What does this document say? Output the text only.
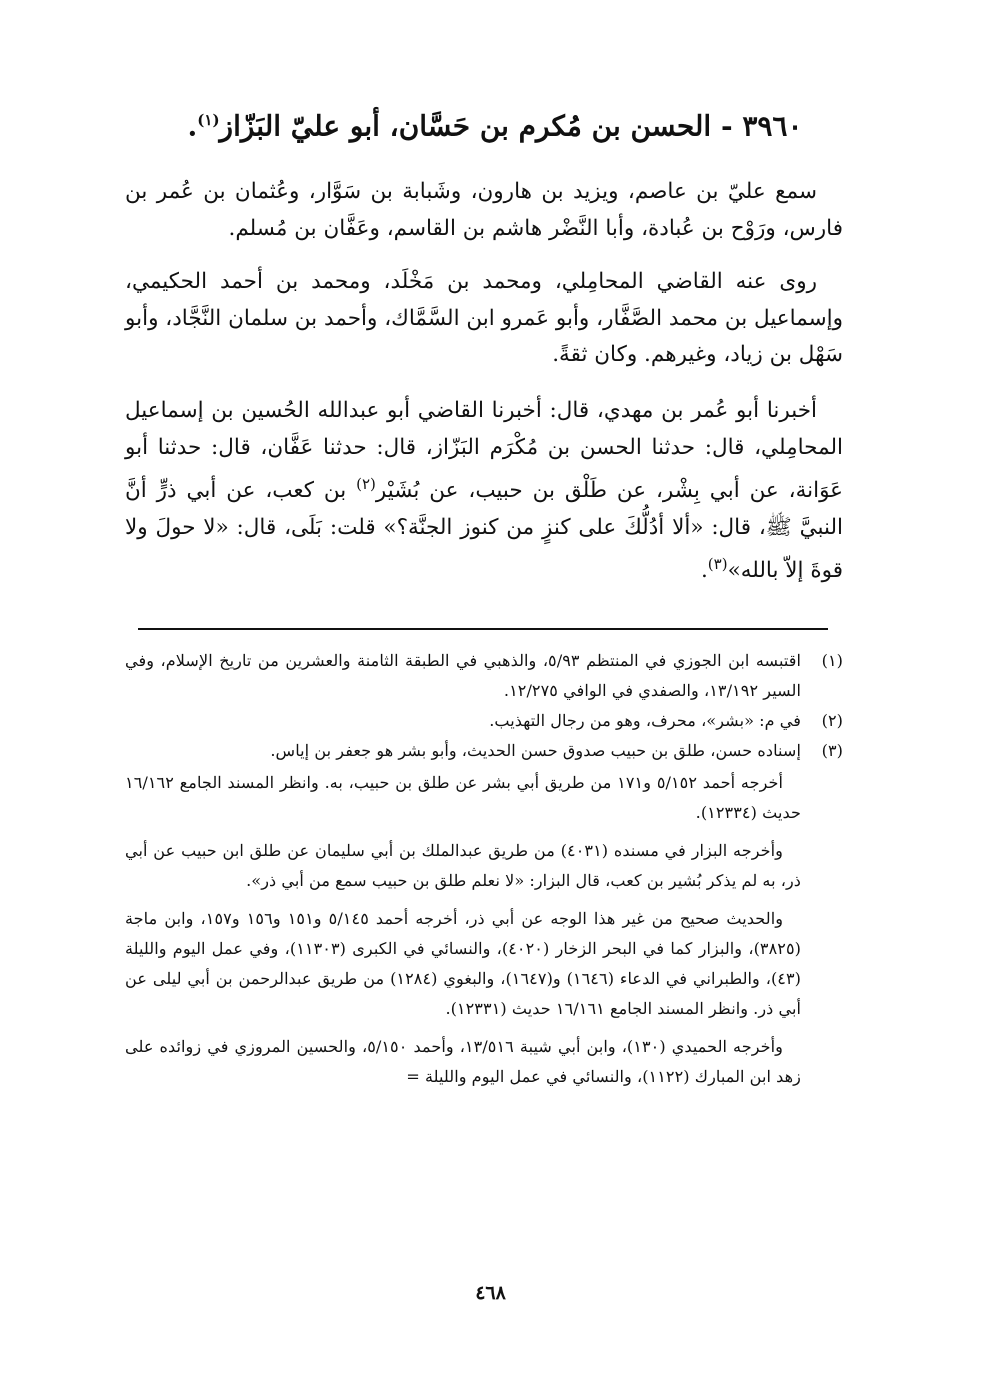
٣٩٦٠ - الحسن بن مُكرم بن حَسَّان، أبو عليّ البَزّاز$^{(١)}$.

سمع عليّ بن عاصم، ويزيد بن هارون، وشَبابة بن سَوَّار، وعُثمان بن عُمر بن فارس، ورَوْح بن عُبادة، وأبا النَّضْر هاشم بن القاسم، وعَفَّان بن مُسلم.

روى عنه القاضي المحامِلي، ومحمد بن مَخْلَد، ومحمد بن أحمد الحكيمي، وإسماعيل بن محمد الصَّفَّار، وأبو عَمرو ابن السَّمَّاك، وأحمد بن سلمان النَّجَّاد، وأبو سَهْل بن زياد، وغيرهم. وكان ثقةً.

أخبرنا أبو عُمر بن مهدي، قال: أخبرنا القاضي أبو عبدالله الحُسين بن إسماعيل المحامِلي، قال: حدثنا الحسن بن مُكْرَم البَزّاز، قال: حدثنا عَفَّان، قال: حدثنا أبو عَوَانة، عن أبي بِشْر، عن طَلْق بن حبيب، عن بُشَيْر$^{(٢)}$ بن كعب، عن أبي ذرٍّ أنَّ النبيَّ ﷺ، قال: «ألا أدُلُّكَ على كنزٍ من كنوز الجنَّة؟» قلت: بَلَى، قال: «لا حولَ ولا قوةَ إلاّ بالله»$^{(٣)}$.

(١)
اقتبسه ابن الجوزي في المنتظم ٥/٩٣، والذهبي في الطبقة الثامنة والعشرين من تاريخ الإسلام، وفي السير ١٣/١٩٢، والصفدي في الوافي ١٢/٢٧٥.
(٢)
في م: «بشر»، محرف، وهو من رجال التهذيب.
(٣)
إسناده حسن، طلق بن حبيب صدوق حسن الحديث، وأبو بشر هو جعفر بن إياس.

أخرجه أحمد ٥/١٥٢ و١٧١ من طريق أبي بشر عن طلق بن حبيب، به. وانظر المسند الجامع ١٦/١٦٢ حديث (١٢٣٣٤).

وأخرجه البزار في مسنده (٤٠٣١) من طريق عبدالملك بن أبي سليمان عن طلق ابن حبيب عن أبي ذر، به لم يذكر بُشير بن كعب، قال البزار: «لا نعلم طلق بن حبيب سمع من أبي ذر».

والحديث صحيح من غير هذا الوجه عن أبي ذر، أخرجه أحمد ٥/١٤٥ و١٥١ و١٥٦ و١٥٧، وابن ماجة (٣٨٢٥)، والبزار كما في البحر الزخار (٤٠٢٠)، والنسائي في الكبرى (١١٣٠٣)، وفي عمل اليوم والليلة (٤٣)، والطبراني في الدعاء (١٦٤٦) و(١٦٤٧)، والبغوي (١٢٨٤) من طريق عبدالرحمن بن أبي ليلى عن أبي ذر. وانظر المسند الجامع ١٦/١٦١ حديث (١٢٣٣١).

وأخرجه الحميدي (١٣٠)، وابن أبي شيبة ١٣/٥١٦، وأحمد ٥/١٥٠، والحسين المروزي في زوائده على زهد ابن المبارك (١١٢٢)، والنسائي في عمل اليوم والليلة =

٤٦٨
